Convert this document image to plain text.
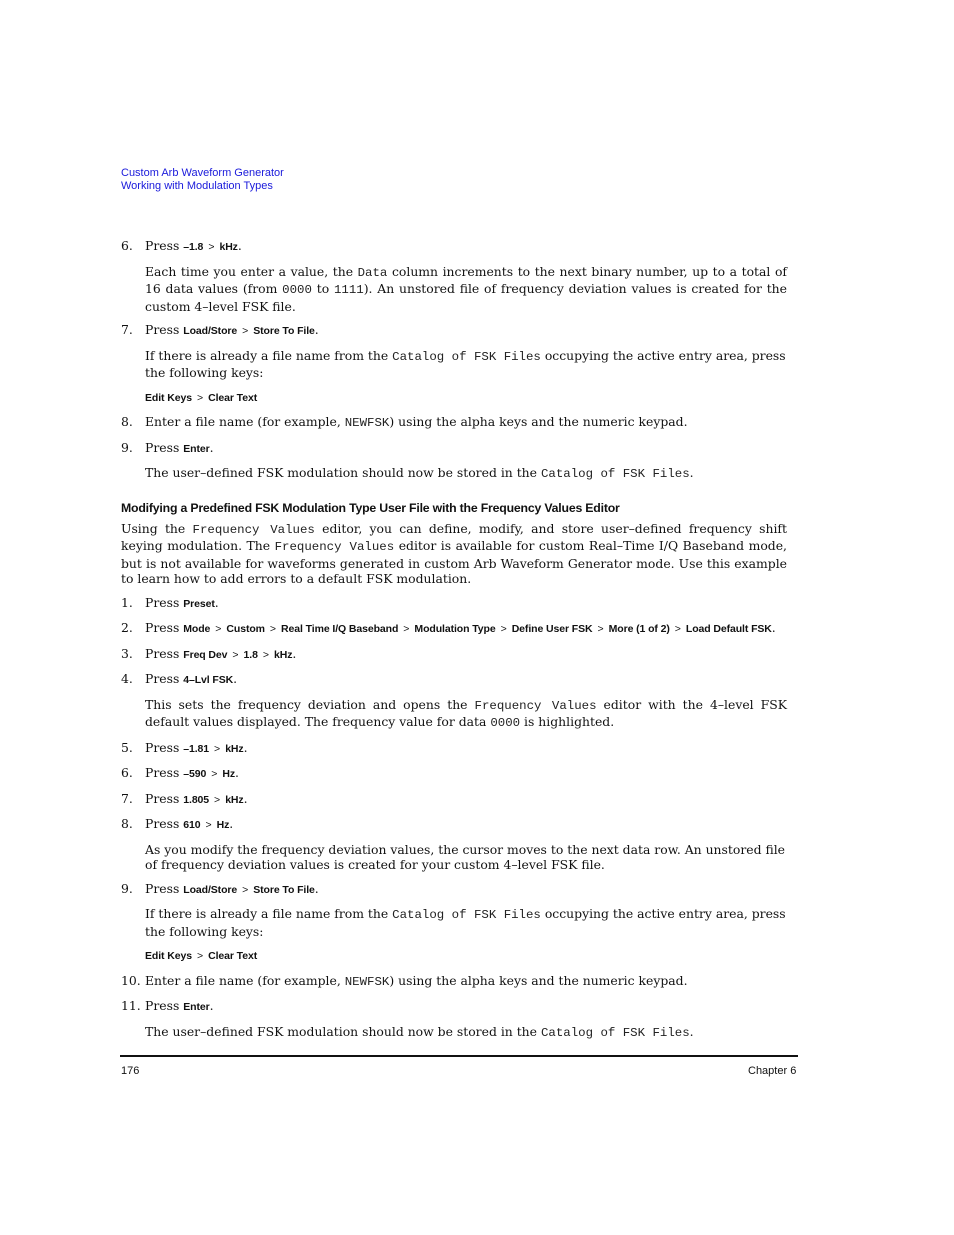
Custom Arb Waveform Generator
Working with Modulation Types
6. Press –1.8 > kHz.
Each time you enter a value, the Data column increments to the next binary number, up to a total of 16 data values (from 0000 to 1111). An unstored file of frequency deviation values is created for the custom 4–level FSK file.
7. Press Load/Store > Store To File.
If there is already a file name from the Catalog of FSK Files occupying the active entry area, press the following keys:
Edit Keys > Clear Text
8. Enter a file name (for example, NEWFSK) using the alpha keys and the numeric keypad.
9. Press Enter.
The user–defined FSK modulation should now be stored in the Catalog of FSK Files.
Modifying a Predefined FSK Modulation Type User File with the Frequency Values Editor
Using the Frequency Values editor, you can define, modify, and store user–defined frequency shift keying modulation. The Frequency Values editor is available for custom Real–Time I/Q Baseband mode, but is not available for waveforms generated in custom Arb Waveform Generator mode. Use this example to learn how to add errors to a default FSK modulation.
1. Press Preset.
2. Press Mode > Custom > Real Time I/Q Baseband > Modulation Type > Define User FSK > More (1 of 2) > Load Default FSK.
3. Press Freq Dev > 1.8 > kHz.
4. Press 4–Lvl FSK.
This sets the frequency deviation and opens the Frequency Values editor with the 4–level FSK default values displayed. The frequency value for data 0000 is highlighted.
5. Press –1.81 > kHz.
6. Press –590 > Hz.
7. Press 1.805 > kHz.
8. Press 610 > Hz.
As you modify the frequency deviation values, the cursor moves to the next data row. An unstored file of frequency deviation values is created for your custom 4–level FSK file.
9. Press Load/Store > Store To File.
If there is already a file name from the Catalog of FSK Files occupying the active entry area, press the following keys:
Edit Keys > Clear Text
10. Enter a file name (for example, NEWFSK) using the alpha keys and the numeric keypad.
11. Press Enter.
The user–defined FSK modulation should now be stored in the Catalog of FSK Files.
176	Chapter 6
